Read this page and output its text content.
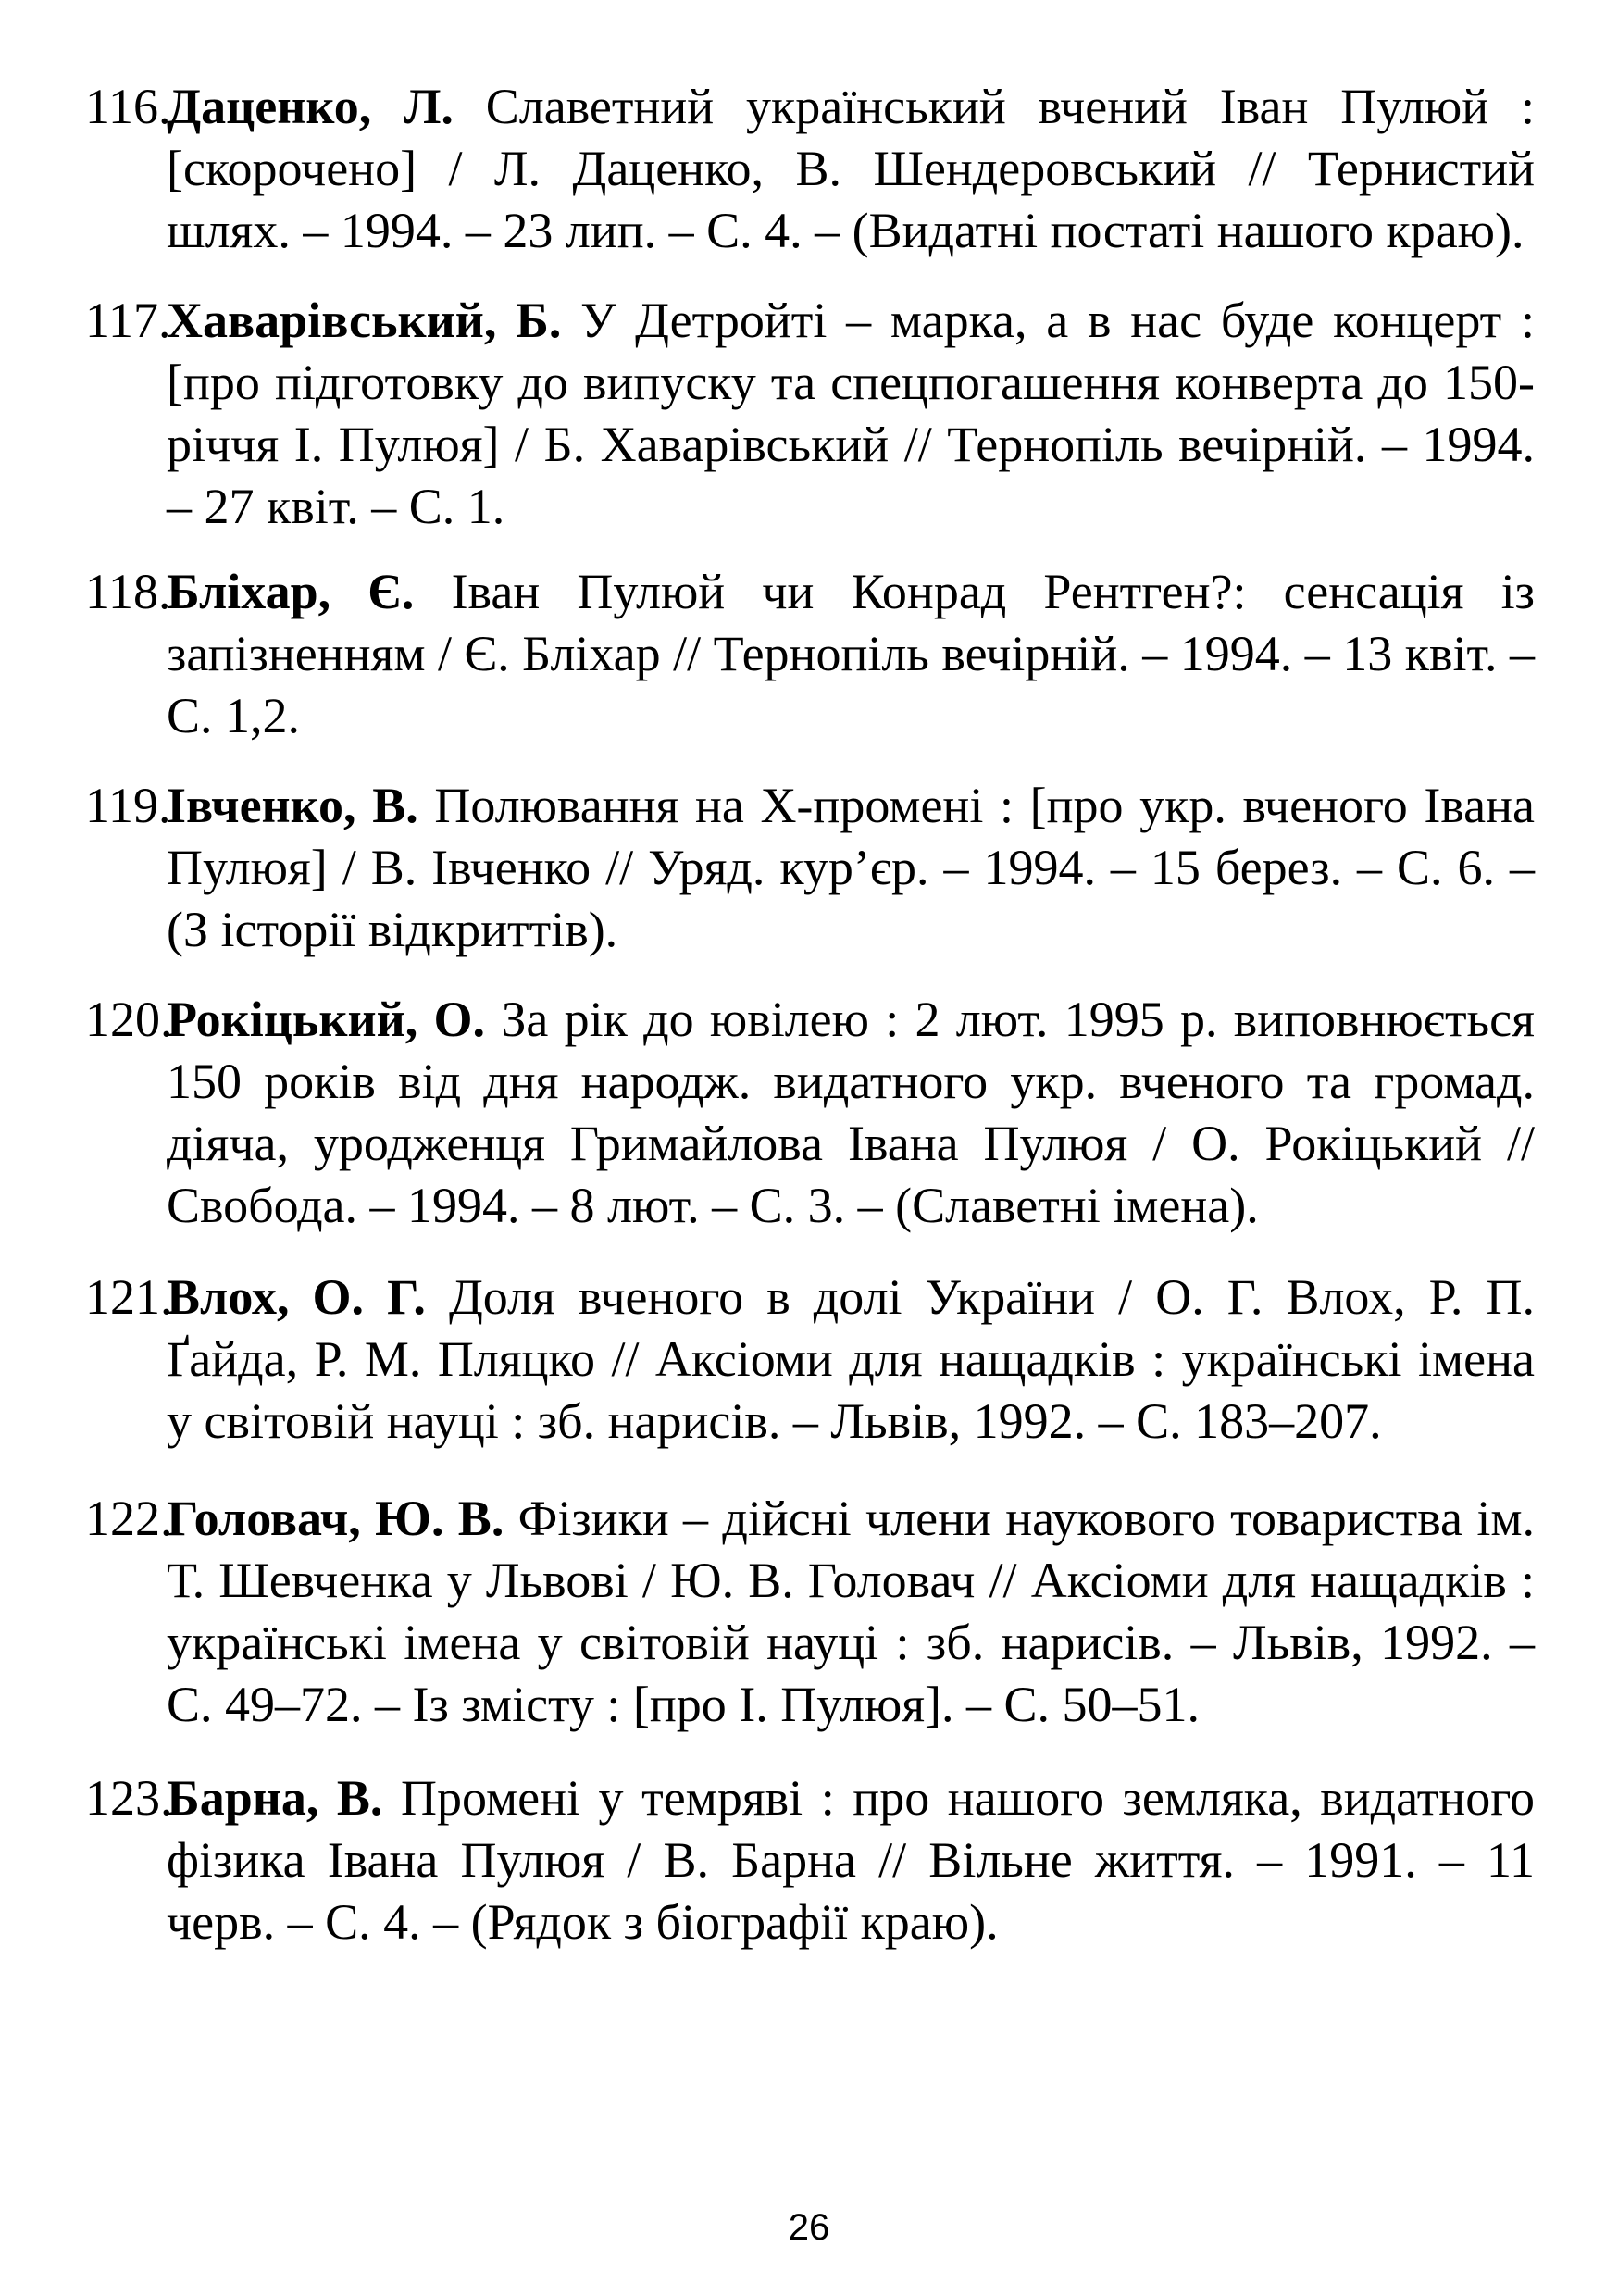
116.
Даценко, Л. Славетний український вчений Іван Пулюй : [скорочено] / Л. Даценко, В. Шендеровський // Тернистий шлях. – 1994. – 23 лип. – С. 4. – (Видатні постаті нашого краю).
117.
Хаварівський, Б. У Детройті – марка, а в нас буде концерт : [про підготовку до випуску та спецпогашення конверта до 150-річчя І. Пулюя] / Б. Хаварівський // Тернопіль вечірній. – 1994. – 27 квіт. – С. 1.
118.
Бліхар, Є. Іван Пулюй чи Конрад Рентген?: сенсація із запізненням / Є. Бліхар // Тернопіль вечірній. – 1994. – 13 квіт. – С. 1,2.
119.
Івченко, В. Полювання на Х-промені : [про укр. вченого Івана Пулюя] / В. Івченко // Уряд. кур’єр. – 1994. – 15 берез. – С. 6. – (З історії відкриттів).
120.
Рокіцький, О. За рік до ювілею : 2 лют. 1995 р. виповнюється 150 років від дня народж. видатного укр. вченого та громад. діяча, уродженця Гримайлова Івана Пулюя / О. Рокіцький // Свобода. – 1994. – 8 лют. – С. 3. – (Славетні імена).
121.
Влох, О. Г. Доля вченого в долі України / О. Г. Влох, Р. П. Ґайда, Р. М. Пляцко // Аксіоми для нащадків : українські імена у світовій науці : зб. нарисів. – Львів, 1992. – С. 183–207.
122.
Головач, Ю. В. Фізики – дійсні члени наукового товариства ім. Т. Шевченка у Львові / Ю. В. Головач // Аксіоми для нащадків : українські імена у світовій науці : зб. нарисів. – Львів, 1992. – С. 49–72. – Із змісту : [про І. Пулюя]. – С. 50–51.
123.
Барна, В. Промені у темряві : про нашого земляка, видатного фізика Івана Пулюя / В. Барна // Вільне життя. – 1991. – 11 черв. – С. 4. – (Рядок з біографії краю).
26
